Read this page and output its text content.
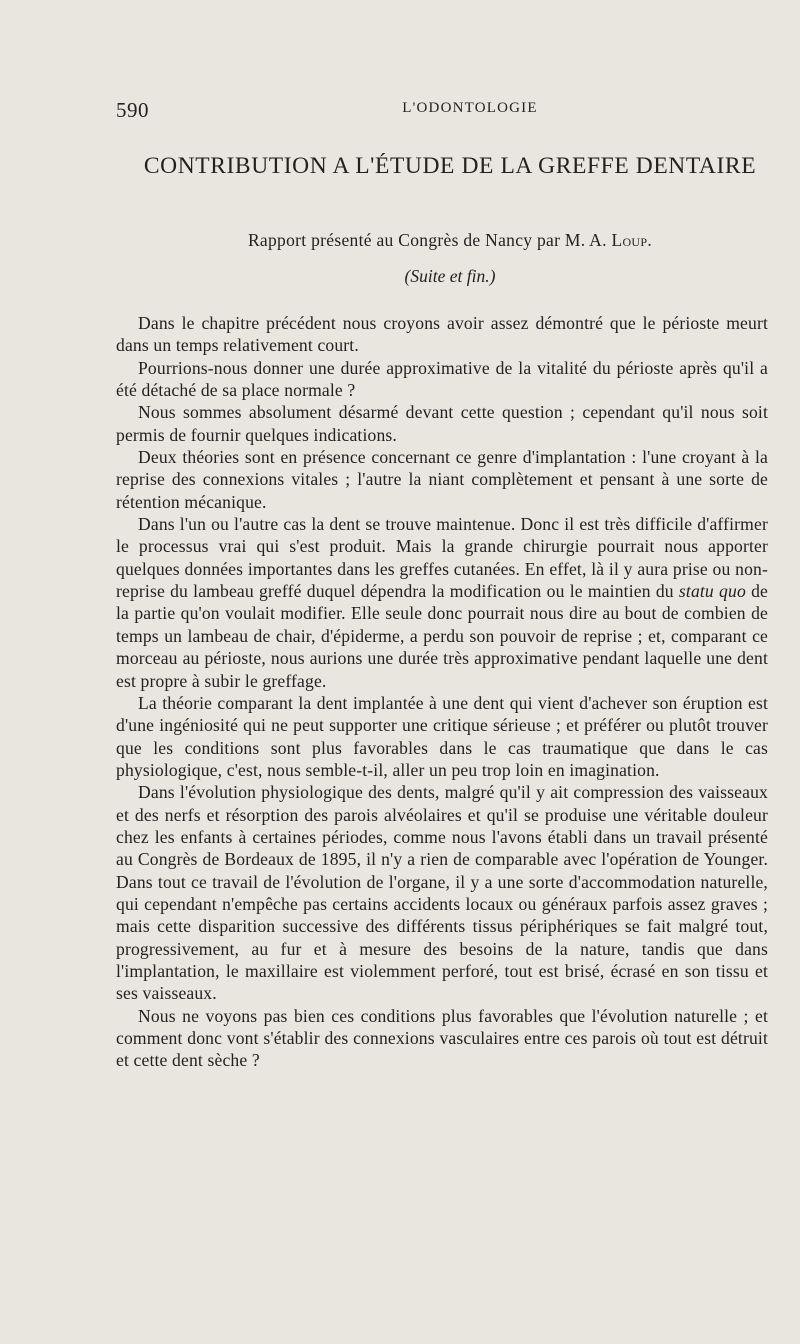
590	L'ODONTOLOGIE
CONTRIBUTION A L'ÉTUDE DE LA GREFFE DENTAIRE
Rapport présenté au Congrès de Nancy par M. A. Loup.
(Suite et fin.)

Dans le chapitre précédent nous croyons avoir assez démontré que le périoste meurt dans un temps relativement court.

Pourrions-nous donner une durée approximative de la vitalité du périoste après qu'il a été détaché de sa place normale ?

Nous sommes absolument désarmé devant cette question ; cependant qu'il nous soit permis de fournir quelques indications.

Deux théories sont en présence concernant ce genre d'implantation : l'une croyant à la reprise des connexions vitales ; l'autre la niant complètement et pensant à une sorte de rétention mécanique.

Dans l'un ou l'autre cas la dent se trouve maintenue. Donc il est très difficile d'affirmer le processus vrai qui s'est produit. Mais la grande chirurgie pourrait nous apporter quelques données importantes dans les greffes cutanées. En effet, là il y aura prise ou non-reprise du lambeau greffé duquel dépendra la modification ou le maintien du statu quo de la partie qu'on voulait modifier. Elle seule donc pourrait nous dire au bout de combien de temps un lambeau de chair, d'épiderme, a perdu son pouvoir de reprise ; et, comparant ce morceau au périoste, nous aurions une durée très approximative pendant laquelle une dent est propre à subir le greffage.

La théorie comparant la dent implantée à une dent qui vient d'achever son éruption est d'une ingéniosité qui ne peut supporter une critique sérieuse ; et préférer ou plutôt trouver que les conditions sont plus favorables dans le cas traumatique que dans le cas physiologique, c'est, nous semble-t-il, aller un peu trop loin en imagination.

Dans l'évolution physiologique des dents, malgré qu'il y ait compression des vaisseaux et des nerfs et résorption des parois alvéolaires et qu'il se produise une véritable douleur chez les enfants à certaines périodes, comme nous l'avons établi dans un travail présenté au Congrès de Bordeaux de 1895, il n'y a rien de comparable avec l'opération de Younger. Dans tout ce travail de l'évolution de l'organe, il y a une sorte d'accommodation naturelle, qui cependant n'empêche pas certains accidents locaux ou généraux parfois assez graves ; mais cette disparition successive des différents tissus périphériques se fait malgré tout, progressivement, au fur et à mesure des besoins de la nature, tandis que dans l'implantation, le maxillaire est violemment perforé, tout est brisé, écrasé en son tissu et ses vaisseaux.

Nous ne voyons pas bien ces conditions plus favorables que l'évolution naturelle ; et comment donc vont s'établir des connexions vasculaires entre ces parois où tout est détruit et cette dent sèche ?
